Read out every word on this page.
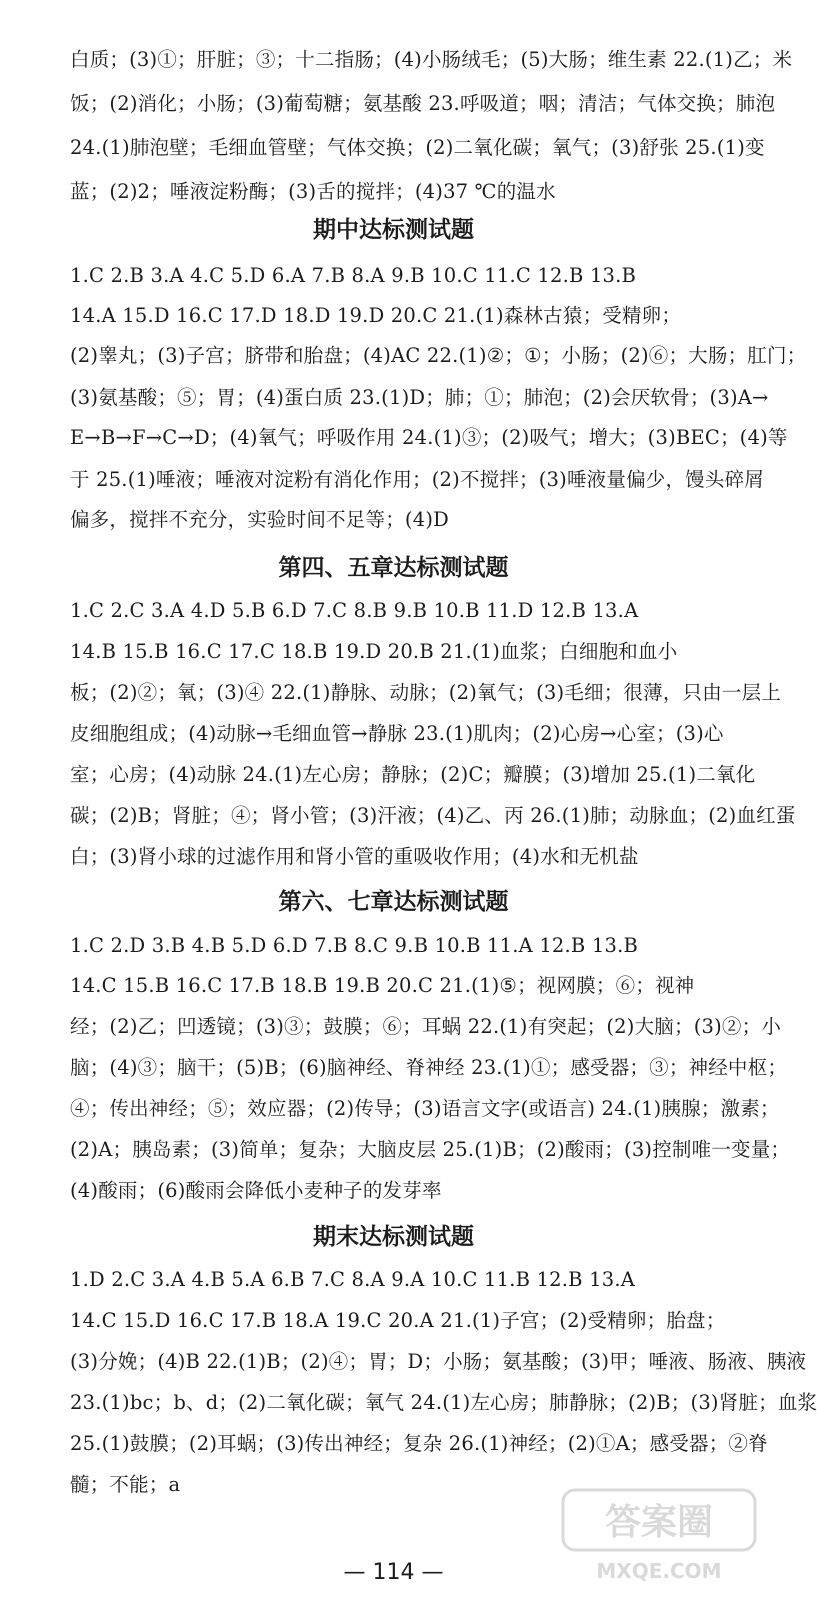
白质；(3)①；肝脏；③；十二指肠；(4)小肠绒毛；(5)大肠；维生素 22.(1)乙；米
饭；(2)消化；小肠；(3)葡萄糖；氨基酸 23.呼吸道；咽；清洁；气体交换；肺泡
24.(1)肺泡壁；毛细血管壁；气体交换；(2)二氧化碳；氧气；(3)舒张 25.(1)变
蓝；(2)2；唾液淀粉酶；(3)舌的搅拌；(4)37 ℃的温水
期中达标测试题
1.C 2.B 3.A 4.C 5.D 6.A 7.B 8.A 9.B 10.C 11.C 12.B 13.B
14.A 15.D 16.C 17.D 18.D 19.D 20.C 21.(1)森林古猿；受精卵；
(2)睾丸；(3)子宫；脐带和胎盘；(4)AC 22.(1)②；①；小肠；(2)⑥；大肠；肛门；
(3)氨基酸；⑤；胃；(4)蛋白质 23.(1)D；肺；①；肺泡；(2)会厌软骨；(3)A→
E→B→F→C→D；(4)氧气；呼吸作用 24.(1)③；(2)吸气；增大；(3)BEC；(4)等
于 25.(1)唾液；唾液对淀粉有消化作用；(2)不搅拌；(3)唾液量偏少，馒头碎屑
偏多，搅拌不充分，实验时间不足等；(4)D
第四、五章达标测试题
1.C 2.C 3.A 4.D 5.B 6.D 7.C 8.B 9.B 10.B 11.D 12.B 13.A
14.B 15.B 16.C 17.C 18.B 19.D 20.B 21.(1)血浆；白细胞和血小
板；(2)②；氧；(3)④ 22.(1)静脉、动脉；(2)氧气；(3)毛细；很薄，只由一层上
皮细胞组成；(4)动脉→毛细血管→静脉 23.(1)肌肉；(2)心房→心室；(3)心
室；心房；(4)动脉 24.(1)左心房；静脉；(2)C；瓣膜；(3)增加 25.(1)二氧化
碳；(2)B；肾脏；④；肾小管；(3)汗液；(4)乙、丙 26.(1)肺；动脉血；(2)血红蛋
白；(3)肾小球的过滤作用和肾小管的重吸收作用；(4)水和无机盐
第六、七章达标测试题
1.C 2.D 3.B 4.B 5.D 6.D 7.B 8.C 9.B 10.B 11.A 12.B 13.B
14.C 15.B 16.C 17.B 18.B 19.B 20.C 21.(1)⑤；视网膜；⑥；视神
经；(2)乙；凹透镜；(3)③；鼓膜；⑥；耳蜗 22.(1)有突起；(2)大脑；(3)②；小
脑；(4)③；脑干；(5)B；(6)脑神经、脊神经 23.(1)①；感受器；③；神经中枢；
④；传出神经；⑤；效应器；(2)传导；(3)语言文字(或语言) 24.(1)胰腺；激素；
(2)A；胰岛素；(3)简单；复杂；大脑皮层 25.(1)B；(2)酸雨；(3)控制唯一变量；
(4)酸雨；(6)酸雨会降低小麦种子的发芽率
期末达标测试题
1.D 2.C 3.A 4.B 5.A 6.B 7.C 8.A 9.A 10.C 11.B 12.B 13.A
14.C 15.D 16.C 17.B 18.A 19.C 20.A 21.(1)子宫；(2)受精卵；胎盘；
(3)分娩；(4)B 22.(1)B；(2)④；胃；D；小肠；氨基酸；(3)甲；唾液、肠液、胰液
23.(1)bc；b、d；(2)二氧化碳；氧气 24.(1)左心房；肺静脉；(2)B；(3)肾脏；血浆
25.(1)鼓膜；(2)耳蜗；(3)传出神经；复杂 26.(1)神经；(2)①A；感受器；②脊
髓；不能；a
— 114 —
答案圈
MXQE.COM
